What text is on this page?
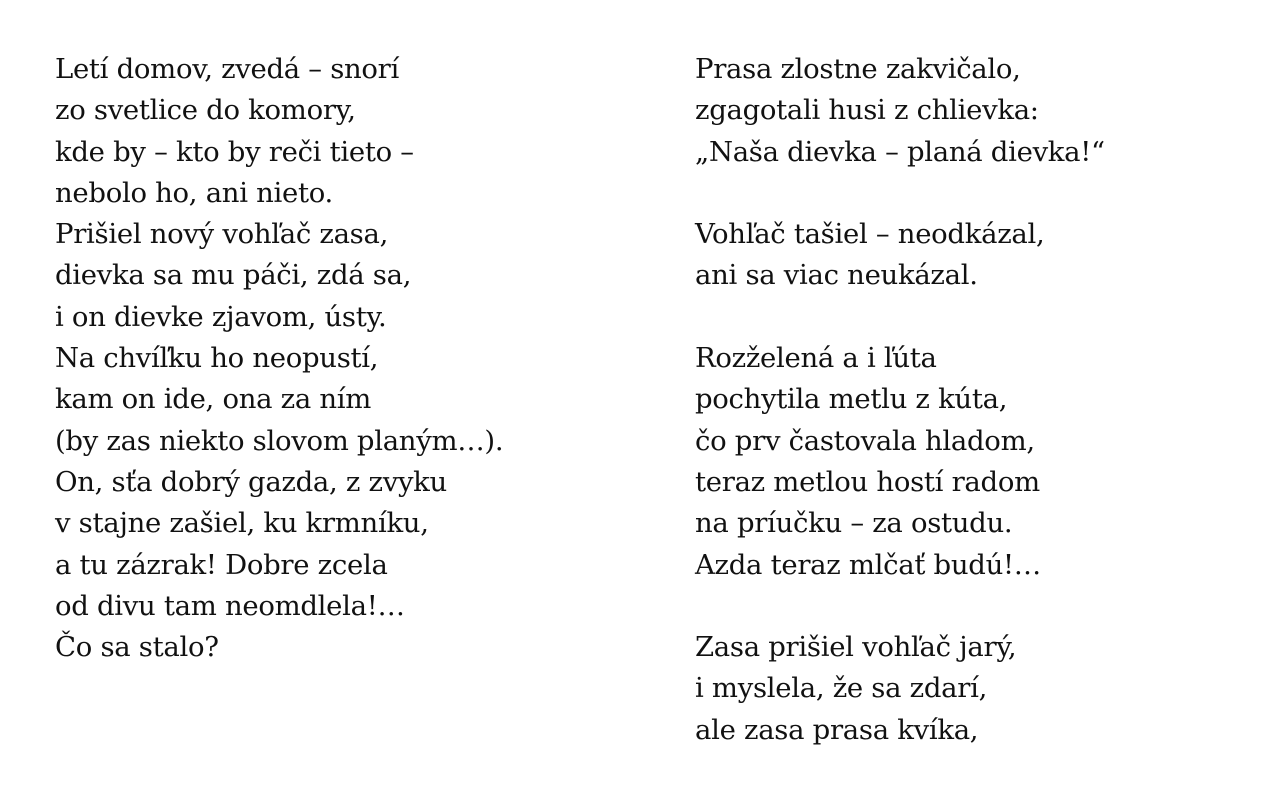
Letí domov, zvedá – snorí
zo svetlice do komory,
kde by – kto by reči tieto –
nebolo ho, ani nieto.
Prišiel nový vohľač zasa,
dievka sa mu páči, zdá sa,
i on dievke zjavom, ústy.
Na chvíľku ho neopustí,
kam on ide, ona za ním
(by zas niekto slovom planým…).
On, sťa dobrý gazda, z zvyku
v stajne zašiel, ku krmníku,
a tu zázrak! Dobre zcela
od divu tam neomdlela!…
Čo sa stalo?
Prasa zlostne zakvičalo,
zgagotali husi z chlievka:
„Naša dievka – planá dievka!“
Vohľač tašiel – neodkázal,
ani sa viac neukázal.
Rozželená a i ľúta
pochytila metlu z kúta,
čo prv častovala hladom,
teraz metlou hostí radom
na príučku – za ostudu.
Azda teraz mlčať budú!…
Zasa prišiel vohľač jarý,
i myslela, že sa zdarí,
ale zasa prasa kvíka,
